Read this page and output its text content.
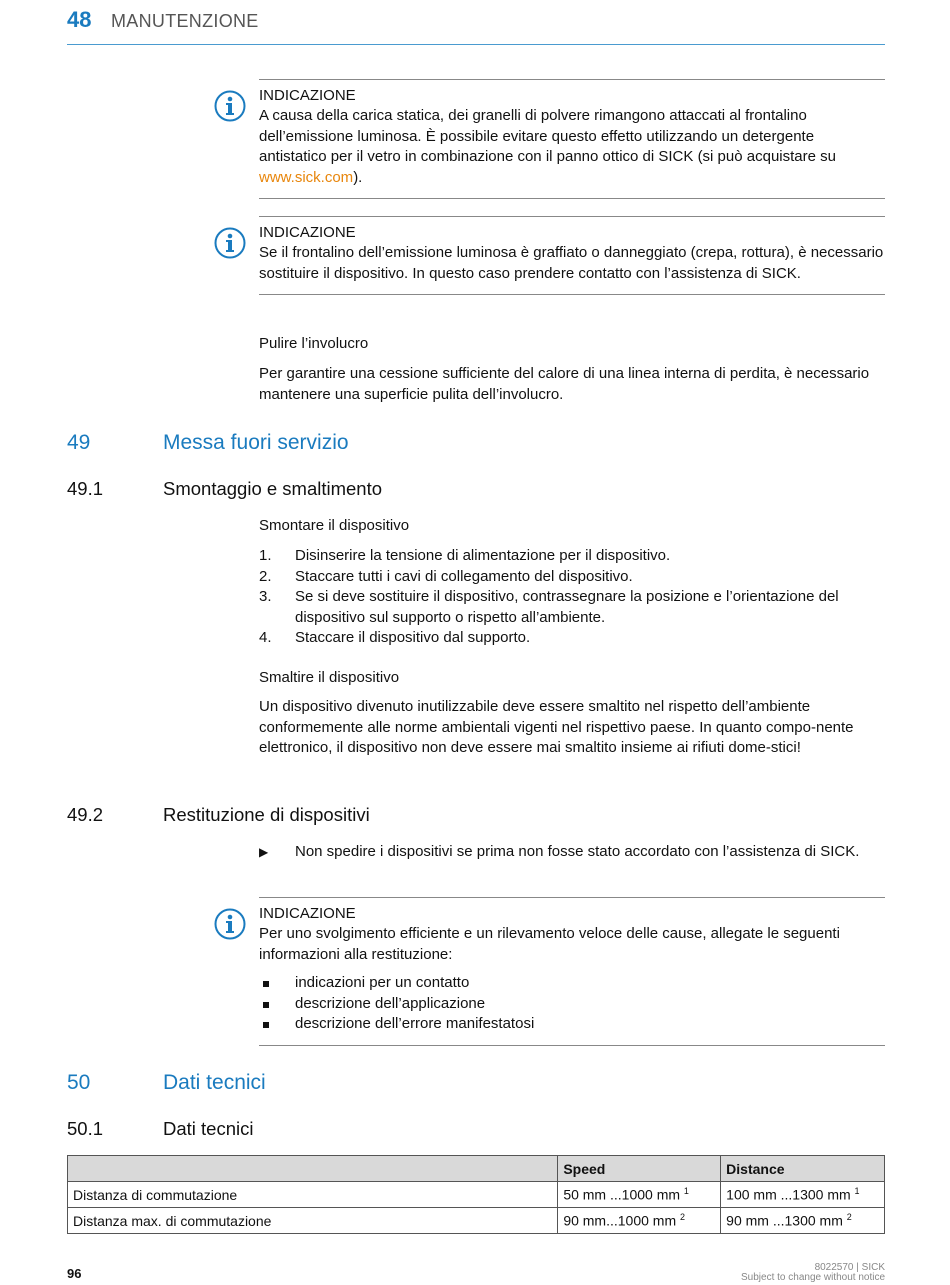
48 MANUTENZIONE
INDICAZIONE
A causa della carica statica, dei granelli di polvere rimangono attaccati al frontalino dell’emissione luminosa. È possibile evitare questo effetto utilizzando un detergente antistatico per il vetro in combinazione con il panno ottico di SICK (si può acquistare su www.sick.com).
INDICAZIONE
Se il frontalino dell’emissione luminosa è graffiato o danneggiato (crepa, rottura), è necessario sostituire il dispositivo. In questo caso prendere contatto con l’assistenza di SICK.
Pulire l’involucro
Per garantire una cessione sufficiente del calore di una linea interna di perdita, è necessario mantenere una superficie pulita dell’involucro.
49	Messa fuori servizio
49.1	Smontaggio e smaltimento
Smontare il dispositivo
1. Disinserire la tensione di alimentazione per il dispositivo.
2. Staccare tutti i cavi di collegamento del dispositivo.
3. Se si deve sostituire il dispositivo, contrassegnare la posizione e l’orientazione del dispositivo sul supporto o rispetto all’ambiente.
4. Staccare il dispositivo dal supporto.
Smaltire il dispositivo
Un dispositivo divenuto inutilizzabile deve essere smaltito nel rispetto dell’ambiente conformemente alle norme ambientali vigenti nel rispettivo paese. In quanto compo-nente elettronico, il dispositivo non deve essere mai smaltito insieme ai rifiuti dome-stici!
49.2	Restituzione di dispositivi
▶ Non spedire i dispositivi se prima non fosse stato accordato con l’assistenza di SICK.
INDICAZIONE
Per uno svolgimento efficiente e un rilevamento veloce delle cause, allegate le seguenti informazioni alla restituzione:
indicazioni per un contatto
descrizione dell’applicazione
descrizione dell’errore manifestatosi
50	Dati tecnici
50.1	Dati tecnici
	Speed	Distance
Distanza di commutazione	50 mm ...1000 mm $^1$	100 mm ...1300 mm $^1$
Distanza max. di commutazione	90 mm...1000 mm $^2$	90 mm ...1300 mm $^2$
96	8022570 | SICK
Subject to change without notice
